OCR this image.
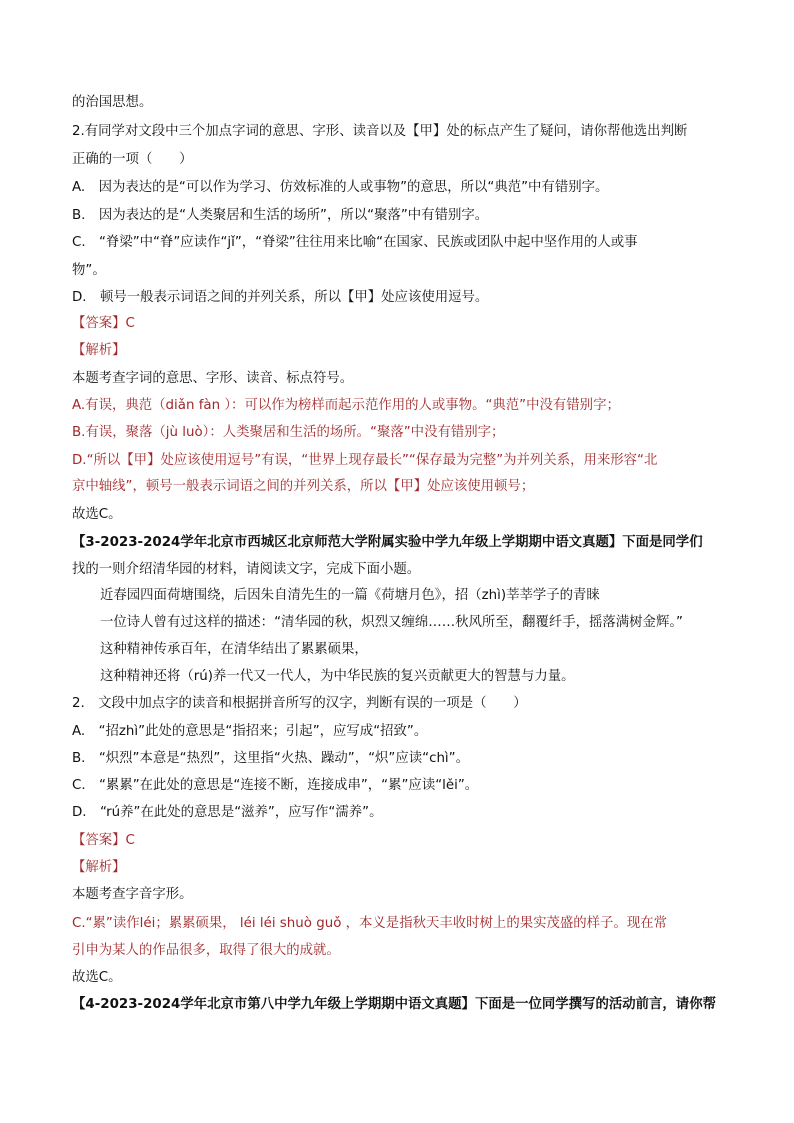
的治国思想。
2.有同学对文段中三个加点字词的意思、字形、读音以及【甲】处的标点产生了疑问，请你帮他选出判断
正确的一项（　　）
A.　因为表达的是“可以作为学习、仿效标准的人或事物”的意思，所以“典范”中有错别字。
B.　因为表达的是“人类聚居和生活的场所”，所以“聚落”中有错别字。
C.　“脊梁”中“脊”应读作“jǐ”，“脊梁”往往用来比喻“在国家、民族或团队中起中坚作用的人或事
物”。
D.　顿号一般表示词语之间的并列关系，所以【甲】处应该使用逗号。
【答案】C
【解析】
本题考查字词的意思、字形、读音、标点符号。
A.有误，典范（diǎn fàn ）：可以作为榜样而起示范作用的人或事物。“典范”中没有错别字；
B.有误，聚落（jù luò）：人类聚居和生活的场所。“聚落”中没有错别字；
D.“所以【甲】处应该使用逗号”有误，“世界上现存最长”“保存最为完整”为并列关系，用来形容“北
京中轴线”，顿号一般表示词语之间的并列关系，所以【甲】处应该使用顿号；
故选C。
【3-2023-2024学年北京市西城区北京师范大学附属实验中学九年级上学期期中语文真题】下面是同学们
找的一则介绍清华园的材料，请阅读文字，完成下面小题。
近春园四面荷塘围绕，后因朱自清先生的一篇《荷塘月色》，招（zhì)莘莘学子的青睐
一位诗人曾有过这样的描述：“清华园的秋，炽烈又缠绵……秋风所至，翻覆纤手，摇落满树金辉。”
这种精神传承百年，在清华结出了累累硕果，
这种精神还将（rú)养一代又一代人，为中华民族的复兴贡献更大的智慧与力量。
2.　文段中加点字的读音和根据拼音所写的汉字，判断有误的一项是（　　）
A.　“招zhì”此处的意思是“指招来；引起”，应写成“招致”。
B.　“炽烈”本意是“热烈”，这里指“火热、躁动”，“炽”应读“chì”。
C.　“累累”在此处的意思是“连接不断，连接成串”，“累”应读“lěi”。
D.　“rú养”在此处的意思是“滋养”，应写作“濡养”。
【答案】C
【解析】
本题考查字音字形。
C.“累”读作léi；累累硕果， léi léi shuò guǒ ，本义是指秋天丰收时树上的果实茂盛的样子。现在常
引申为某人的作品很多，取得了很大的成就。
故选C。
【4-2023-2024学年北京市第八中学九年级上学期期中语文真题】下面是一位同学撰写的活动前言，请你帮
